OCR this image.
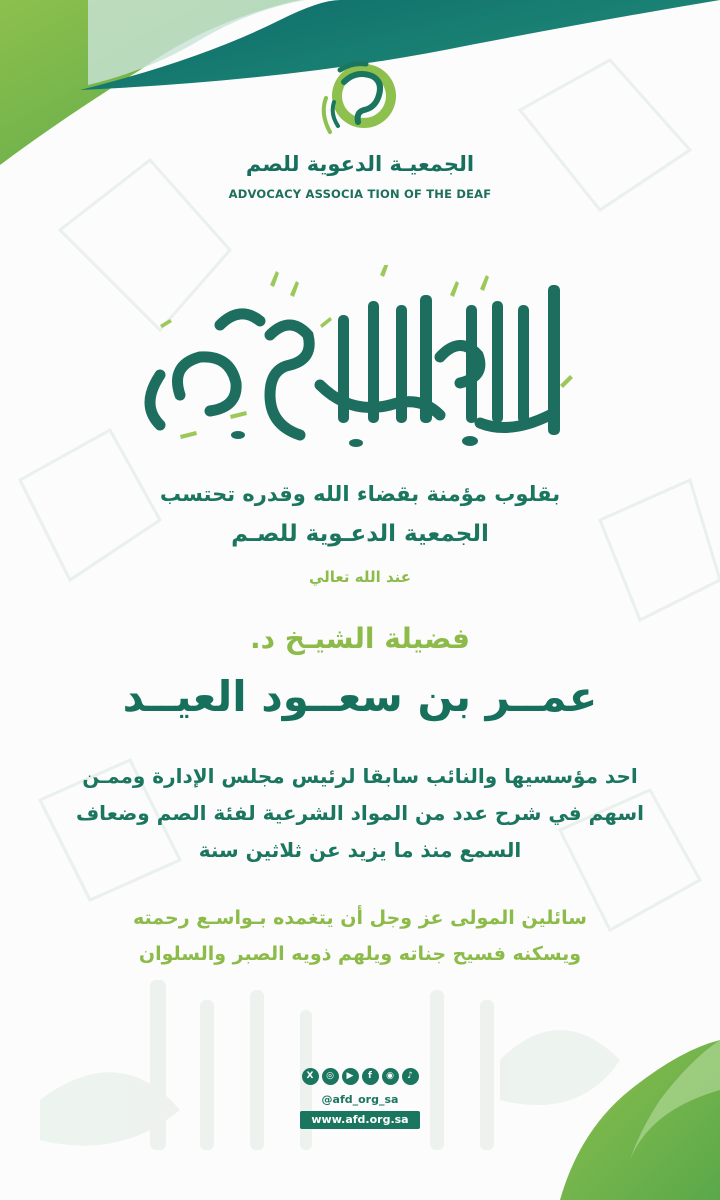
الجمعيـة الدعوية للصم
ADVOCACY ASSOCIA TION OF THE DEAF
بقلوب مؤمنة بقضاء الله وقدره تحتسب
الجمعية الدعـوية للصـم
عند الله تعالي
فضيلة الشيـخ د.
عمــر بن سعــود العيــد
احد مؤسسيها والنائب سابقا لرئيس مجلس الإدارة وممـن
اسهم في شرح عدد من المواد الشرعية لفئة الصم وضعاف
السمع منذ ما يزيد عن ثلاثين سنة
سائلين المولى عز وجل أن يتغمده بـواسـع رحمته
ويسكنه فسيح جناته ويلهم ذويه الصبر والسلوان
X	◎	▶	f	◉	♪
@afd_org_sa
www.afd.org.sa
